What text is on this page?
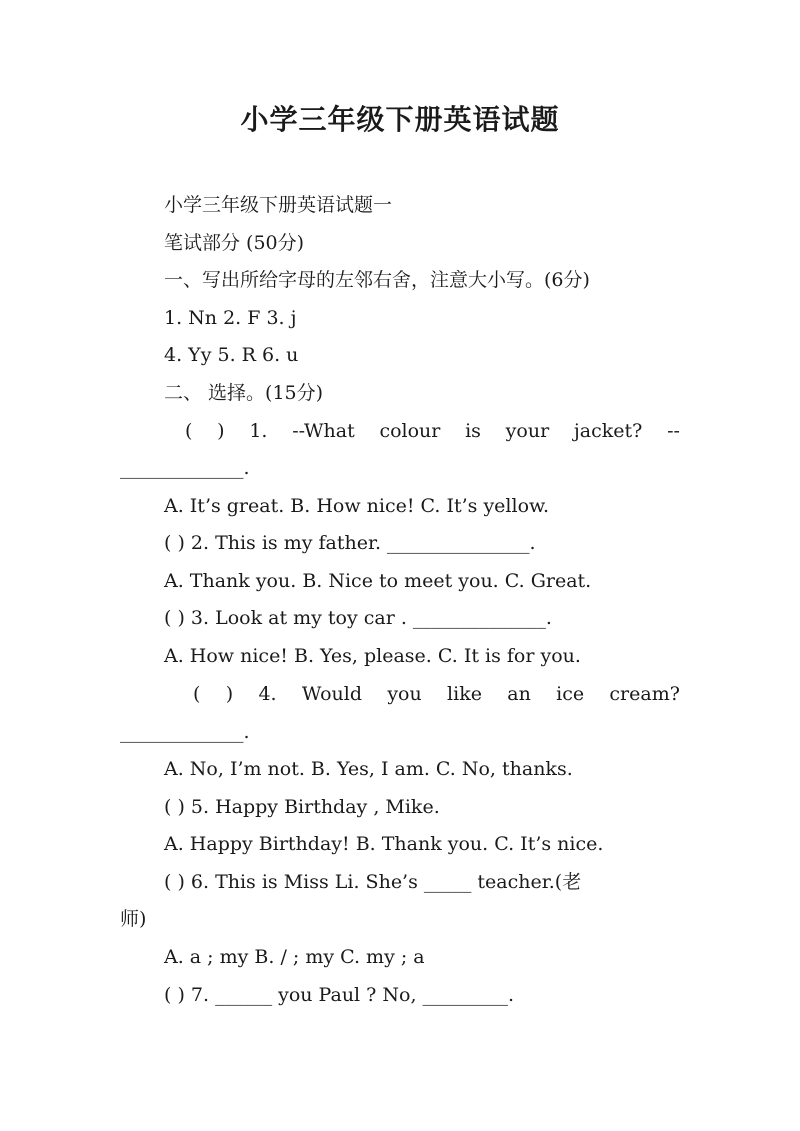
小学三年级下册英语试题
小学三年级下册英语试题一
笔试部分 (50分)
一、写出所给字母的左邻右舍，注意大小写。(6分)
1. Nn 2. F 3. j
4. Yy 5. R 6. u
二、 选择。(15分)
( ) 1. --What colour is your jacket? --
_____________.
A. It’s great. B. How nice! C. It’s yellow.
( ) 2. This is my father. _______________.
A. Thank you. B. Nice to meet you. C. Great.
( ) 3. Look at my toy car . ______________.
A. How nice! B. Yes, please. C. It is for you.
( ) 4. Would you like an ice cream?
_____________.
A. No, I’m not. B. Yes, I am. C. No, thanks.
( ) 5. Happy Birthday , Mike.
A. Happy Birthday! B. Thank you. C. It’s nice.
( ) 6. This is Miss Li. She’s _____ teacher.(老
师)
A. a ; my B. / ; my C. my ; a
( ) 7. ______ you Paul ? No, _________.
